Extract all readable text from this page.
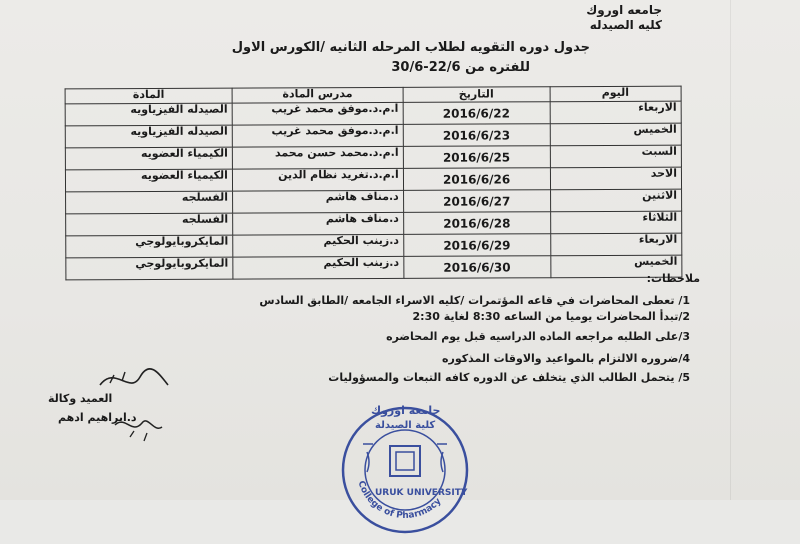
جامعه اوروك
كليه الصيدله
جدول دوره التقويه لطلاب المرحله الثانيه /الكورس الاول
للفتره من 22/6-30/6
اليوم	التاريخ	مدرس المادة	المادة
الاربعاء	2016/6/22	ا.م.د.موفق محمد غريب	الصيدله الفيزياويه
الخميس	2016/6/23	ا.م.د.موفق محمد غريب	الصيدله الفيزياويه
السبت	2016/6/25	ا.م.د.محمد حسن محمد	الكيمياء العضويه
الاحد	2016/6/26	ا.م.د.تغريد نظام الدين	الكيمياء العضويه
الاثنين	2016/6/27	د.مناف هاشم	الفسلجه
الثلاثاء	2016/6/28	د.مناف هاشم	الفسلجه
الاربعاء	2016/6/29	د.زينب الحكيم	المايكروبايولوجي
الخميس	2016/6/30	د.زينب الحكيم	المايكروبايولوجي
ملاحظات:
1/ تعطى المحاضرات في قاعه المؤتمرات /كليه الاسراء الجامعه /الطابق السادس
2/تبدأ المحاضرات يوميا من الساعه 8:30 لغاية 2:30
3/على الطلبه مراجعه الماده الدراسيه قبل يوم المحاضره
4/ضروره الالتزام بالمواعيد والاوقات المذكوره
5/ يتحمل الطالب الذي يتخلف عن الدوره كافه التبعات والمسؤوليات
العميد وكالة
د.ابراهيم ادهم
College of Pharmacy
جامعة اوروك
كلية الصيدلة
URUK UNIVERSITY
